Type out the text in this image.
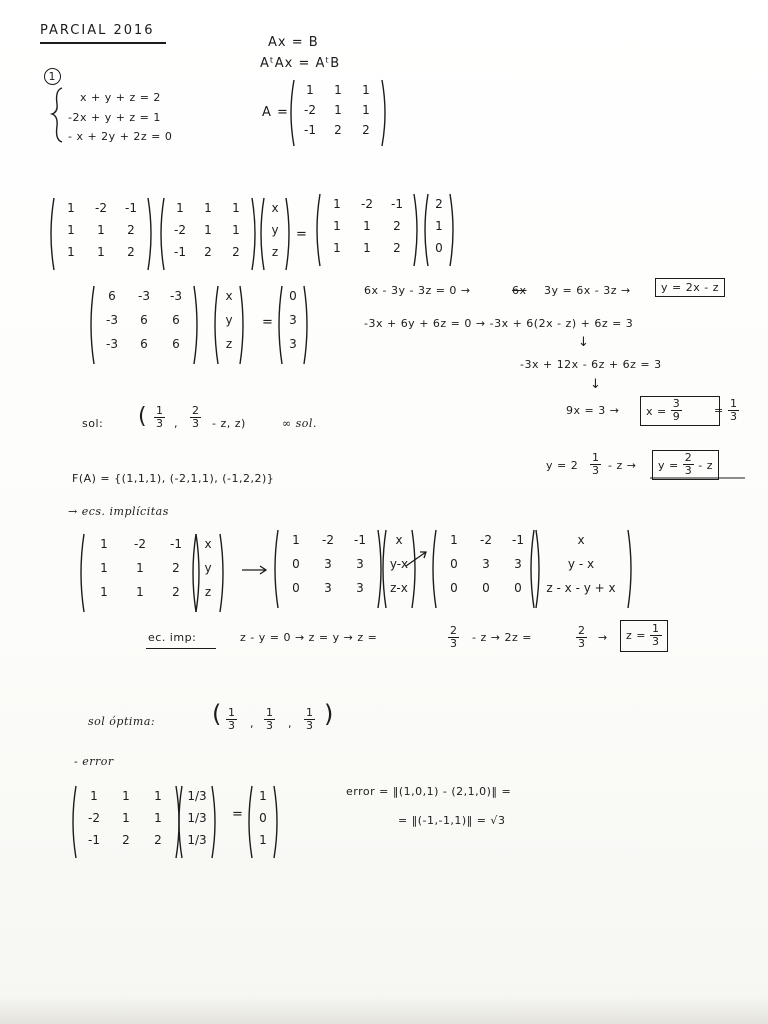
PARCIAL 2016
1
x + y + z = 2
-2x + y + z = 1
- x + 2y + 2z = 0
Ax = B
AᵗAx = AᵗB
A =
1	1	1
-2	1	1
-1	2	2
1	-2	-1
1	1	2
1	1	2
1	1	1
-2	1	1
-1	2	2
x
y
z
1	-2	-1
1	1	2
1	1	2
2
1
0
=
6	-3	-3
-3	6	6
-3	6	6
x
y
z
0
3
3
=
6x - 3y - 3z = 0 →	6x 3y = 6x - 3z →	y = 2x - z
-3x + 6y + 6z = 0 → -3x + 6(2x - z) + 6z = 3
↓
-3x + 12x - 6z + 6z = 3
↓
9x = 3 →	$x = \frac{3}{9}$	= $\frac{1}{3}$
$y = 2 \frac{1}{3} - z$ →	$y = \frac{2}{3} - z$
sol: ( $\frac{1}{3}$ , $\frac{2}{3}$ - z, z)	∞ sol.
F(A) = {(1,1,1), (-2,1,1), (-1,2,2)}
→ ecs. implícitas
1	-2	-1
1	1	2
1	1	2
x
y
z
1	-2	-1
0	3	3
0	3	3
x
y-x
z-x
1	-2	-1
0	3	3
0	0	0
x
y - x
z - x - y + x
ec. imp:	z - y = 0 → z = y → z =	$\frac{2}{3} - z \to 2z$ =	$\frac{2}{3}$ →	$z = \frac{1}{3}$
sol óptima: ( $\frac{1}{3}$ , $\frac{1}{3}$ , $\frac{1}{3}$ )
- error
1	1	1
-2	1	1
-1	2	2
1/3
1/3
1/3
1
0
1
=
error = ‖(1,0,1) - (2,1,0)‖ =
= ‖(-1,-1,1)‖ = √3
